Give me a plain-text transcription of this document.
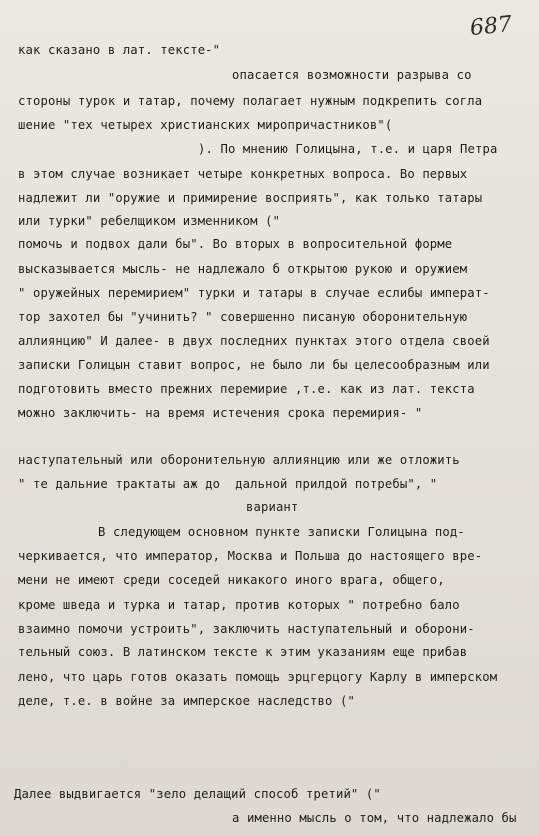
687
как сказано в лат. тексте-"
опасается возможности разрыва со
стороны турок и татар, почему полагает нужным подкрепить согла
шение "тех четырех христианских миропричастников"(
). По мнению Голицына, т.е. и царя Петра
в этом случае возникает четыре конкретных вопроса. Во первых
надлежит ли "оружие и примирение восприять", как только татары
или турки" ребелщиком изменником ("
помочь и подвох дали бы". Во вторых в вопросительной форме
высказывается мысль- не надлежало б открытою рукою и оружием
" оружейных перемирием" турки и татары в случае еслибы императ-
тор захотел бы "учинить? " совершенно писаную оборонительную
аллиянцию" И далее- в двух последних пунктах этого отдела своей
записки Голицын ставит вопрос, не было ли бы целесообразным или
подготовить вместо прежних перемирие ,т.е. как из лат. текста
можно заключить- на время истечения срока перемирия- "
наступательный или оборонительную аллиянцию или же отложить
" те дальние трактаты аж до  дальной прилдой потребы", "
вариант
В следующем основном пункте записки Голицына под-
черкивается, что император, Москва и Польша до настоящего вре-
мени не имеют среди соседей никакого иного врага, общего,
кроме шведа и турка и татар, против которых " потребно бало
взаимно помочи устроить", заключить наступательный и оборони-
тельный союз. В латинском тексте к этим указаниям еще прибав
лено, что царь готов оказать помощь эрцгерцогу Карлу в имперском
деле, т.е. в войне за имперское наследство ("
Далее выдвигается "зело делащий способ третий" ("
а именно мысль о том, что надлежало бы
